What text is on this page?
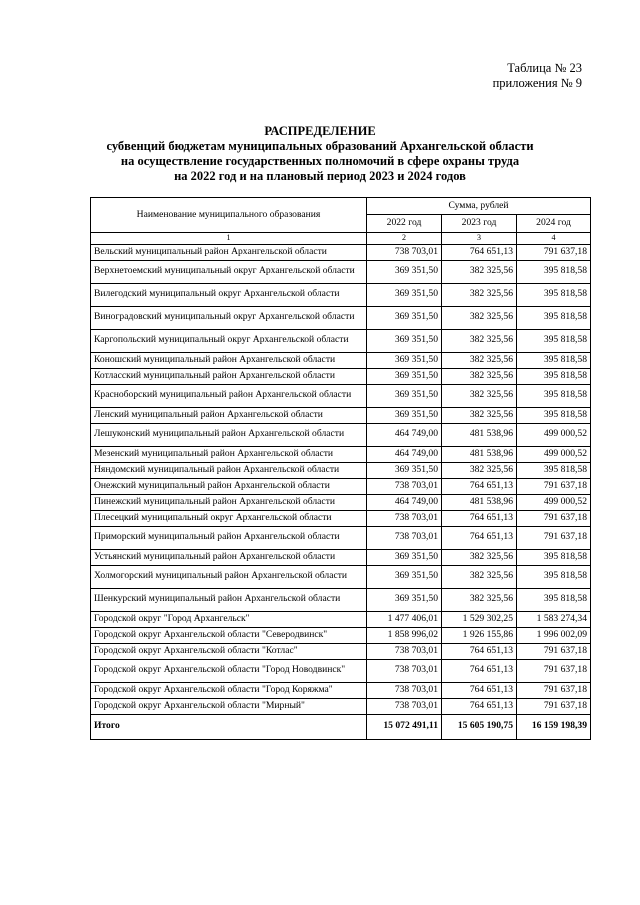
Таблица № 23
приложения № 9
РАСПРЕДЕЛЕНИЕ
субвенций бюджетам муниципальных образований Архангельской области
на осуществление государственных полномочий в сфере охраны труда
на 2022 год и на плановый период 2023 и 2024 годов
Наименование муниципального образования	Сумма, рублей		
	2022 год	2023 год	2024 год
1	2	3	4
Вельский муниципальный район Архангельской области	738 703,01	764 651,13	791 637,18
Верхнетоемский муниципальный округ Архангельской области	369 351,50	382 325,56	395 818,58
Вилегодский муниципальный округ Архангельской области	369 351,50	382 325,56	395 818,58
Виноградовский муниципальный округ Архангельской области	369 351,50	382 325,56	395 818,58
Каргопольский муниципальный округ Архангельской области	369 351,50	382 325,56	395 818,58
Коношский муниципальный район Архангельской области	369 351,50	382 325,56	395 818,58
Котласский муниципальный район Архангельской области	369 351,50	382 325,56	395 818,58
Красноборский муниципальный район Архангельской области	369 351,50	382 325,56	395 818,58
Ленский муниципальный район Архангельской области	369 351,50	382 325,56	395 818,58
Лешуконский муниципальный район Архангельской области	464 749,00	481 538,96	499 000,52
Мезенский муниципальный район Архангельской области	464 749,00	481 538,96	499 000,52
Няндомский муниципальный район Архангельской области	369 351,50	382 325,56	395 818,58
Онежский муниципальный район Архангельской области	738 703,01	764 651,13	791 637,18
Пинежский муниципальный район Архангельской области	464 749,00	481 538,96	499 000,52
Плесецкий муниципальный округ Архангельской области	738 703,01	764 651,13	791 637,18
Приморский муниципальный район Архангельской области	738 703,01	764 651,13	791 637,18
Устьянский муниципальный район Архангельской области	369 351,50	382 325,56	395 818,58
Холмогорский муниципальный район Архангельской области	369 351,50	382 325,56	395 818,58
Шенкурский муниципальный район Архангельской области	369 351,50	382 325,56	395 818,58
Городской округ "Город Архангельск"	1 477 406,01	1 529 302,25	1 583 274,34
Городской округ Архангельской области "Северодвинск"	1 858 996,02	1 926 155,86	1 996 002,09
Городской округ Архангельской области "Котлас"	738 703,01	764 651,13	791 637,18
Городской округ Архангельской области "Город Новодвинск"	738 703,01	764 651,13	791 637,18
Городской округ Архангельской области "Город Коряжма"	738 703,01	764 651,13	791 637,18
Городской округ Архангельской области "Мирный"	738 703,01	764 651,13	791 637,18
Итого	15 072 491,11	15 605 190,75	16 159 198,39
